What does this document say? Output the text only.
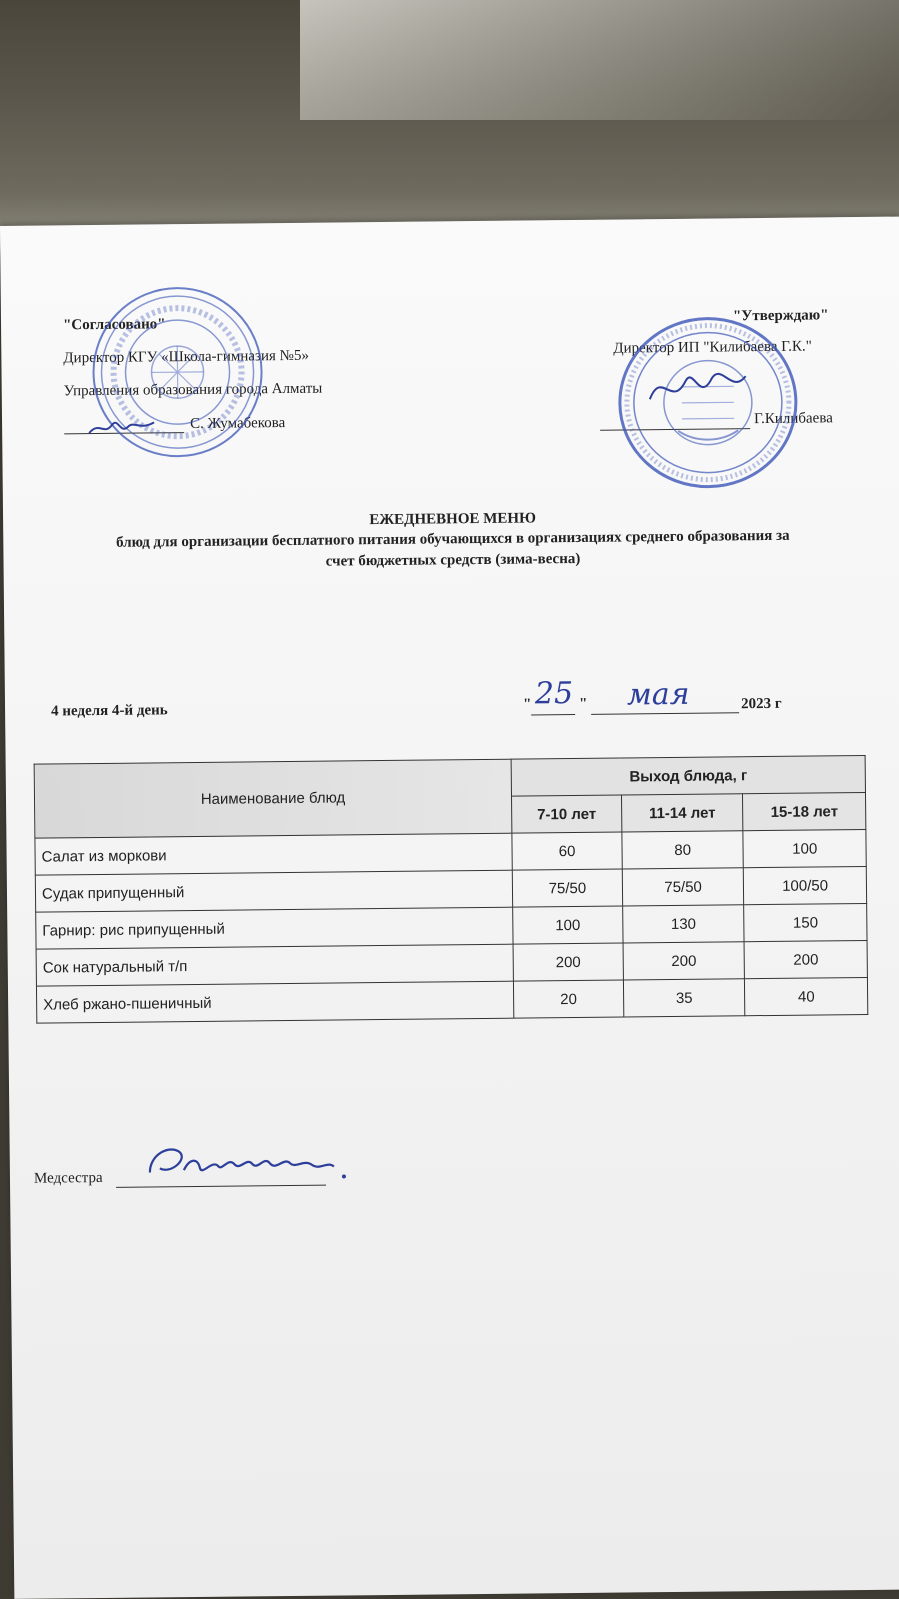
"Согласовано"
Директор КГУ «Школа-гимназия №5»
Управления образования города Алматы
С. Жумабекова
"Утверждаю"
Директор ИП "Килибаева Г.К."
Г.Килибаева
ЕЖЕДНЕВНОЕ МЕНЮ
блюд для организации бесплатного питания обучающихся в организациях среднего образования за
счет бюджетных средств (зима-весна)
4 неделя 4-й день	" 25 " мая	2023 г
Наименование блюд	Выход блюда, г		
	7-10 лет	11-14 лет	15-18 лет
Салат из моркови	60	80	100
Судак припущенный	75/50	75/50	100/50
Гарнир: рис припущенный	100	130	150
Сок натуральный т/п	200	200	200
Хлеб ржано-пшеничный	20	35	40
Медсестра
